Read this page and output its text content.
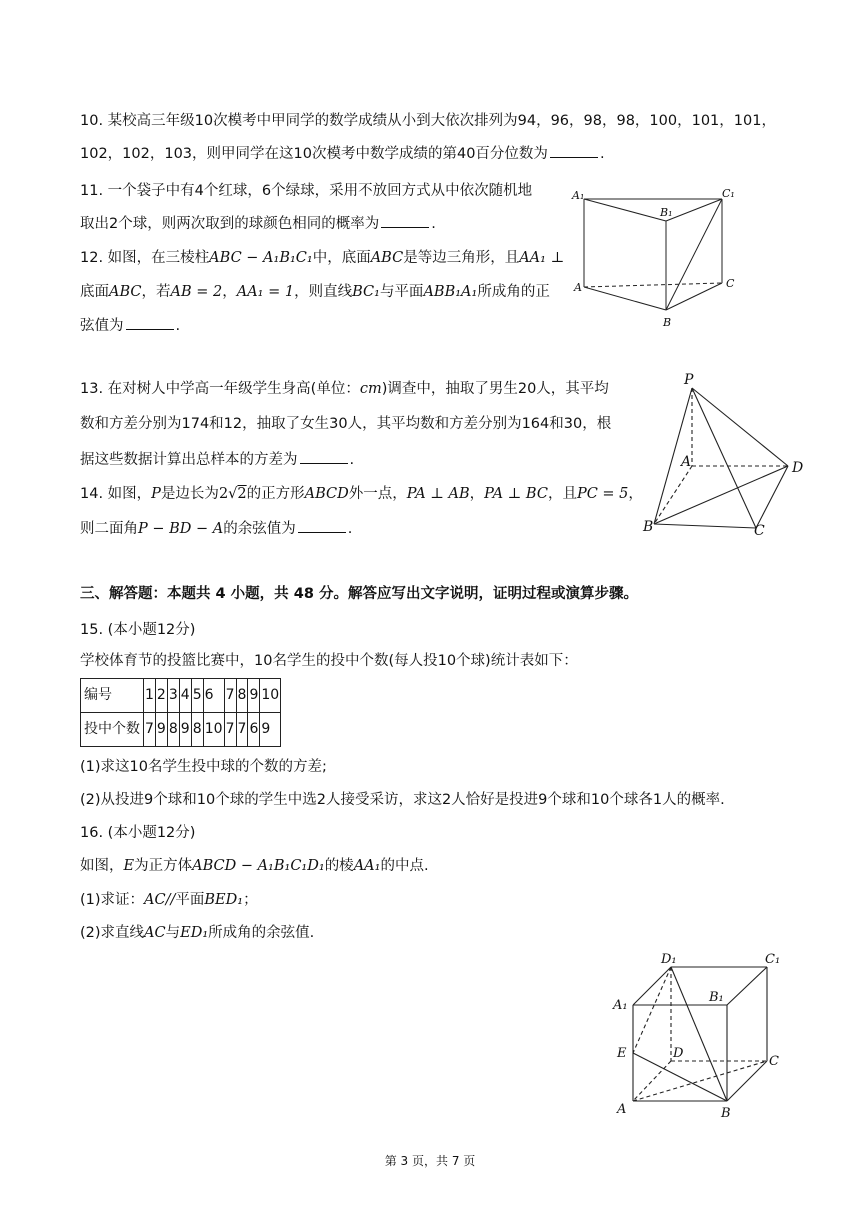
10. 某校高三年级10次模考中甲同学的数学成绩从小到大依次排列为94，96，98，98，100，101，101，
102，102，103，则甲同学在这10次模考中数学成绩的第40百分位数为	.
11. 一个袋子中有4个红球，6个绿球，采用不放回方式从中依次随机地
取出2个球，则两次取到的球颜色相同的概率为	.
12. 如图，在三棱柱ABC − A₁B₁C₁中，底面ABC是等边三角形，且AA₁ ⊥
底面ABC，若AB = 2，AA₁ = 1，则直线BC₁与平面ABB₁A₁所成角的正
弦值为	.
A₁
B₁
C₁
A	C
B
13. 在对树人中学高一年级学生身高(单位：cm)调查中，抽取了男生20人，其平均
数和方差分别为174和12，抽取了女生30人，其平均数和方差分别为164和30，根
据这些数据计算出总样本的方差为	.
14. 如图，P是边长为2√2的正方形ABCD外一点，PA ⊥ AB，PA ⊥ BC，且PC = 5，
则二面角P − BD − A的余弦值为	.
P
A	D
B	C
三、解答题：本题共 4 小题，共 48 分。解答应写出文字说明，证明过程或演算步骤。
15. (本小题12分)
学校体育节的投篮比赛中，10名学生的投中个数(每人投10个球)统计表如下：
编号	1	2	3	4	5	6	7	8	9	10
投中个数	7	9	8	9	8	10	7	7	6	9
(1)求这10名学生投中球的个数的方差;
(2)从投进9个球和10个球的学生中选2人接受采访，求这2人恰好是投进9个球和10个球各1人的概率.
16. (本小题12分)
如图，E为正方体ABCD − A₁B₁C₁D₁的棱AA₁的中点.
(1)求证：AC//平面BED₁；
(2)求直线AC与ED₁所成角的余弦值.
D₁	C₁
A₁
B₁
E	D
C
A	B
第 3 页，共 7 页
